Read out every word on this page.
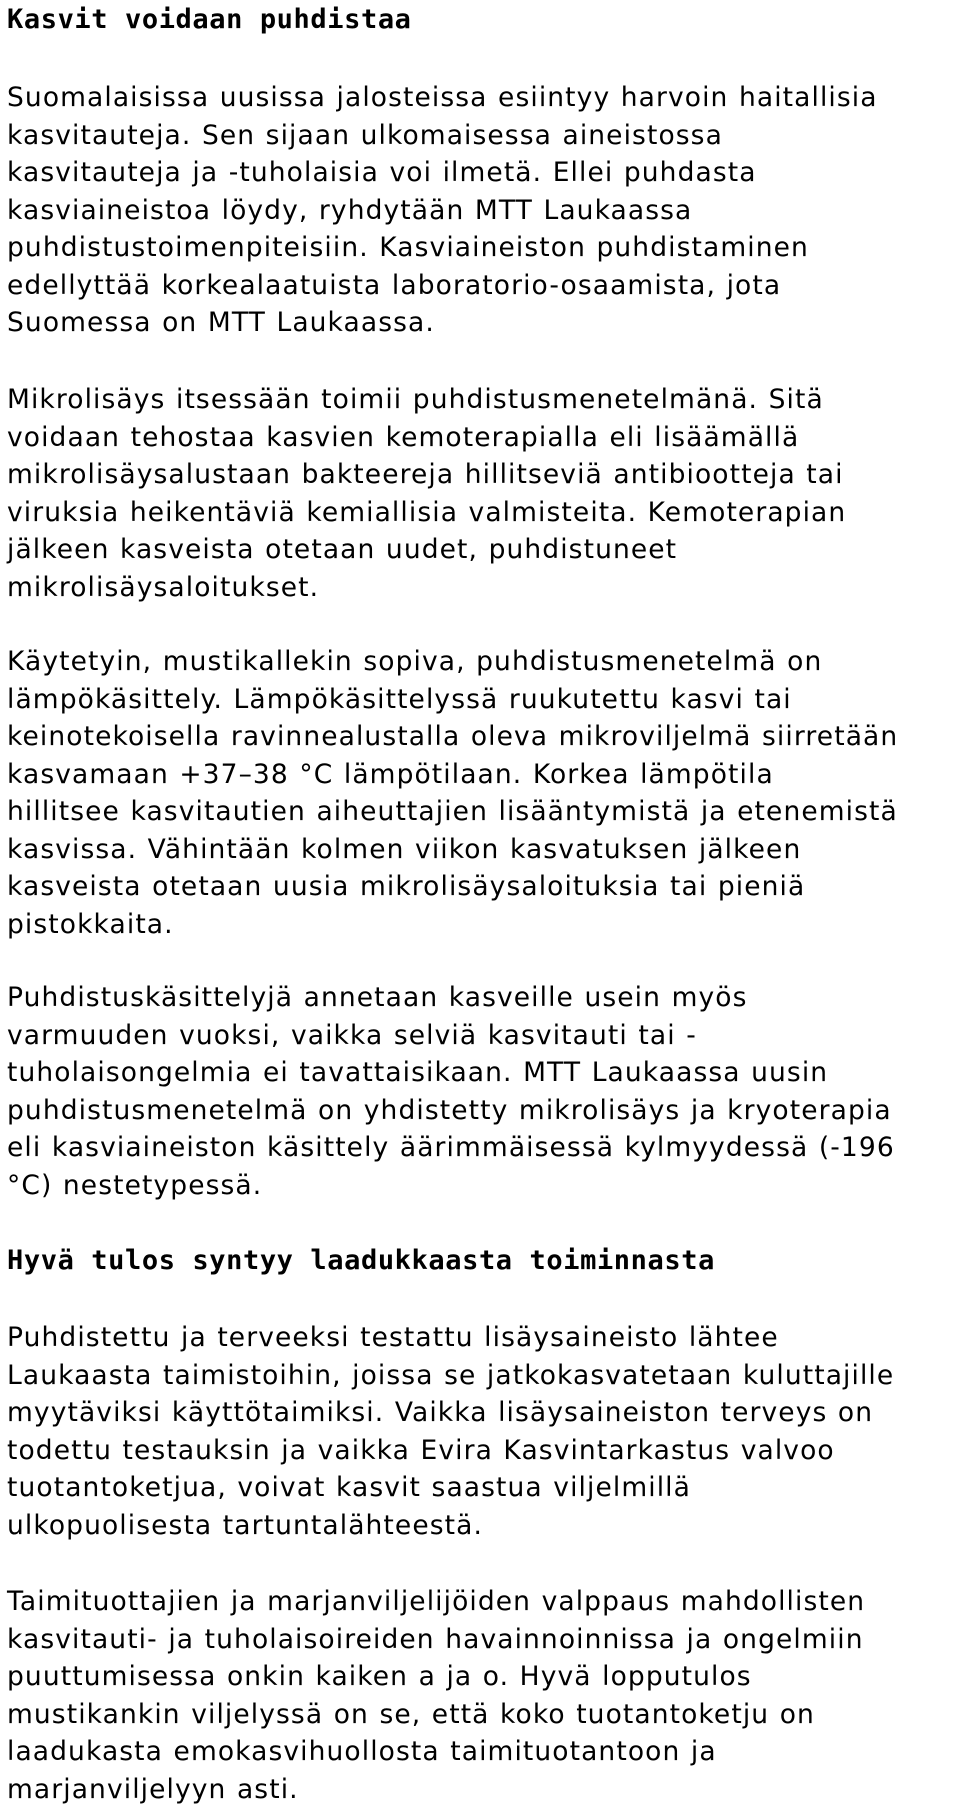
Kasvit voidaan puhdistaa

Suomalaisissa uusissa jalosteissa esiintyy harvoin haitallisia
kasvitauteja. Sen sijaan ulkomaisessa aineistossa
kasvitauteja ja -tuholaisia voi ilmetä. Ellei puhdasta
kasviaineistoa löydy, ryhdytään MTT Laukaassa
puhdistustoimenpiteisiin. Kasviaineiston puhdistaminen
edellyttää korkealaatuista laboratorio-osaamista, jota
Suomessa on MTT Laukaassa.

Mikrolisäys itsessään toimii puhdistusmenetelmänä. Sitä
voidaan tehostaa kasvien kemoterapialla eli lisäämällä
mikrolisäysalustaan bakteereja hillitseviä antibiootteja tai
viruksia heikentäviä kemiallisia valmisteita. Kemoterapian
jälkeen kasveista otetaan uudet, puhdistuneet
mikrolisäysaloitukset.

Käytetyin, mustikallekin sopiva, puhdistusmenetelmä on
lämpökäsittely. Lämpökäsittelyssä ruukutettu kasvi tai
keinotekoisella ravinnealustalla oleva mikroviljelmä siirretään
kasvamaan +37–38 °C lämpötilaan. Korkea lämpötila
hillitsee kasvitautien aiheuttajien lisääntymistä ja etenemistä
kasvissa. Vähintään kolmen viikon kasvatuksen jälkeen
kasveista otetaan uusia mikrolisäysaloituksia tai pieniä
pistokkaita.

Puhdistuskäsittelyjä annetaan kasveille usein myös
varmuuden vuoksi, vaikka selviä kasvitauti tai -
tuholaisongelmia ei tavattaisikaan. MTT Laukaassa uusin
puhdistusmenetelmä on yhdistetty mikrolisäys ja kryoterapia
eli kasviaineiston käsittely äärimmäisessä kylmyydessä (-196
°C) nestetypessä.

Hyvä tulos syntyy laadukkaasta toiminnasta

Puhdistettu ja terveeksi testattu lisäysaineisto lähtee
Laukaasta taimistoihin, joissa se jatkokasvatetaan kuluttajille
myytäviksi käyttötaimiksi. Vaikka lisäysaineiston terveys on
todettu testauksin ja vaikka Evira Kasvintarkastus valvoo
tuotantoketjua, voivat kasvit saastua viljelmillä
ulkopuolisesta tartuntalähteestä.

Taimituottajien ja marjanviljelijöiden valppaus mahdollisten
kasvitauti- ja tuholaisoireiden havainnoinnissa ja ongelmiin
puuttumisessa onkin kaiken a ja o. Hyvä lopputulos
mustikankin viljelyssä on se, että koko tuotantoketju on
laadukasta emokasvihuollosta taimituotantoon ja
marjanviljelyyn asti.
